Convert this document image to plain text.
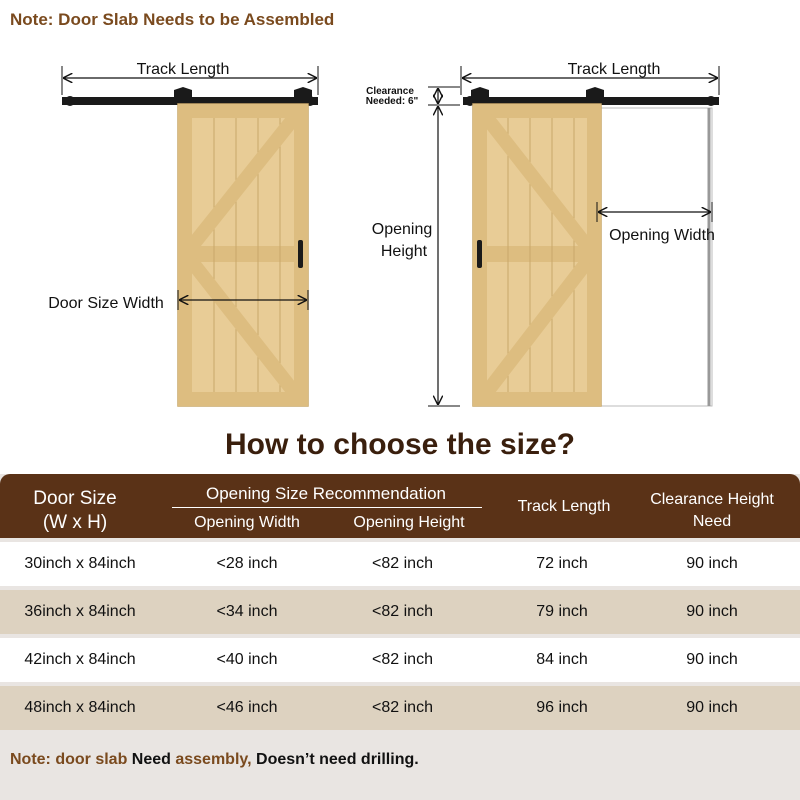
Note: Door Slab Needs to be Assembled
Track Length
Door Size Width
Clearance
Needed: 6"
Track Length
Opening
Height
Opening Width
How to choose the size?
Door Size
(W x H)
Opening Size Recommendation
Opening Width	Opening Height
Track Length	Clearance Height
Need
30inch x 84inch	<28 inch	<82 inch	72 inch	90 inch
36inch x 84inch	<34 inch	<82 inch	79 inch	90 inch
42inch x 84inch	<40 inch	<82 inch	84 inch	90 inch
48inch x 84inch	<46 inch	<82 inch	96 inch	90 inch
Note: door slab Need assembly, Doesn’t need drilling.
